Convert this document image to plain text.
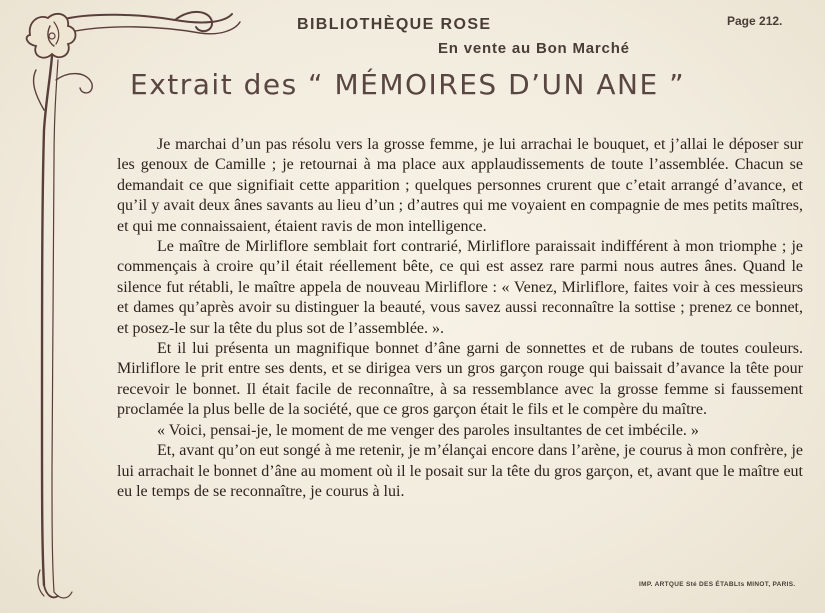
BIBLIOTHÈQUE ROSE
En vente au Bon Marché
Page 212.
Extrait des “ MÉMOIRES D’UN ANE ”

Je marchai d’un pas résolu vers la grosse femme, je lui arrachai le bouquet, et j’allai le déposer sur les genoux de Camille ; je retournai à ma place aux applaudissements de toute l’assemblée. Chacun se demandait ce que signifiait cette apparition ; quelques personnes crurent que c’etait arrangé d’avance, et qu’il y avait deux ânes savants au lieu d’un ; d’autres qui me voyaient en compagnie de mes petits maîtres, et qui me connaissaient, étaient ravis de mon intelligence.

Le maître de Mirliflore semblait fort contrarié, Mirliflore paraissait indifférent à mon triomphe ; je commençais à croire qu’il était réellement bête, ce qui est assez rare parmi nous autres ânes. Quand le silence fut rétabli, le maître appela de nouveau Mirliflore : « Venez, Mirliflore, faites voir à ces messieurs et dames qu’après avoir su distinguer la beauté, vous savez aussi reconnaître la sottise ; prenez ce bonnet, et posez-le sur la tête du plus sot de l’assemblée. ».

Et il lui présenta un magnifique bonnet d’âne garni de sonnettes et de rubans de toutes couleurs. Mirliflore le prit entre ses dents, et se dirigea vers un gros garçon rouge qui baissait d’avance la tête pour recevoir le bonnet. Il était facile de reconnaître, à sa ressemblance avec la grosse femme si faussement proclamée la plus belle de la société, que ce gros garçon était le fils et le compère du maître.

« Voici, pensai-je, le moment de me venger des paroles insultantes de cet imbécile. »

Et, avant qu’on eut songé à me retenir, je m’élançai encore dans l’arène, je courus à mon confrère, je lui arrachait le bonnet d’âne au moment où il le posait sur la tête du gros garçon, et, avant que le maître eut eu le temps de se reconnaître, je courus à lui.

IMP. ARTQUE Sté DES ÉTABLts MINOT, PARIS.
